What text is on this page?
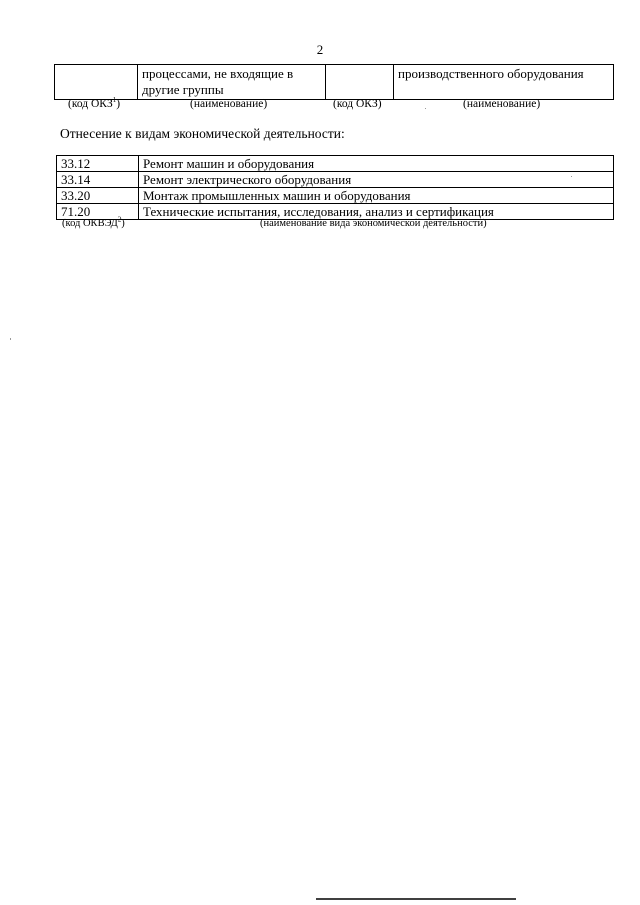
2
	процессами, не входящие в другие группы		производственного оборудования
(код ОКЗ$^1$)	(наименование)	(код ОКЗ)	(наименование)
Отнесение к видам экономической деятельности:
33.12	Ремонт машин и оборудования
33.14	Ремонт электрического оборудования
33.20	Монтаж промышленных машин и оборудования
71.20	Технические испытания, исследования, анализ и сертификация
(код ОКВЭД$^2$)	(наименование вида экономической деятельности)
